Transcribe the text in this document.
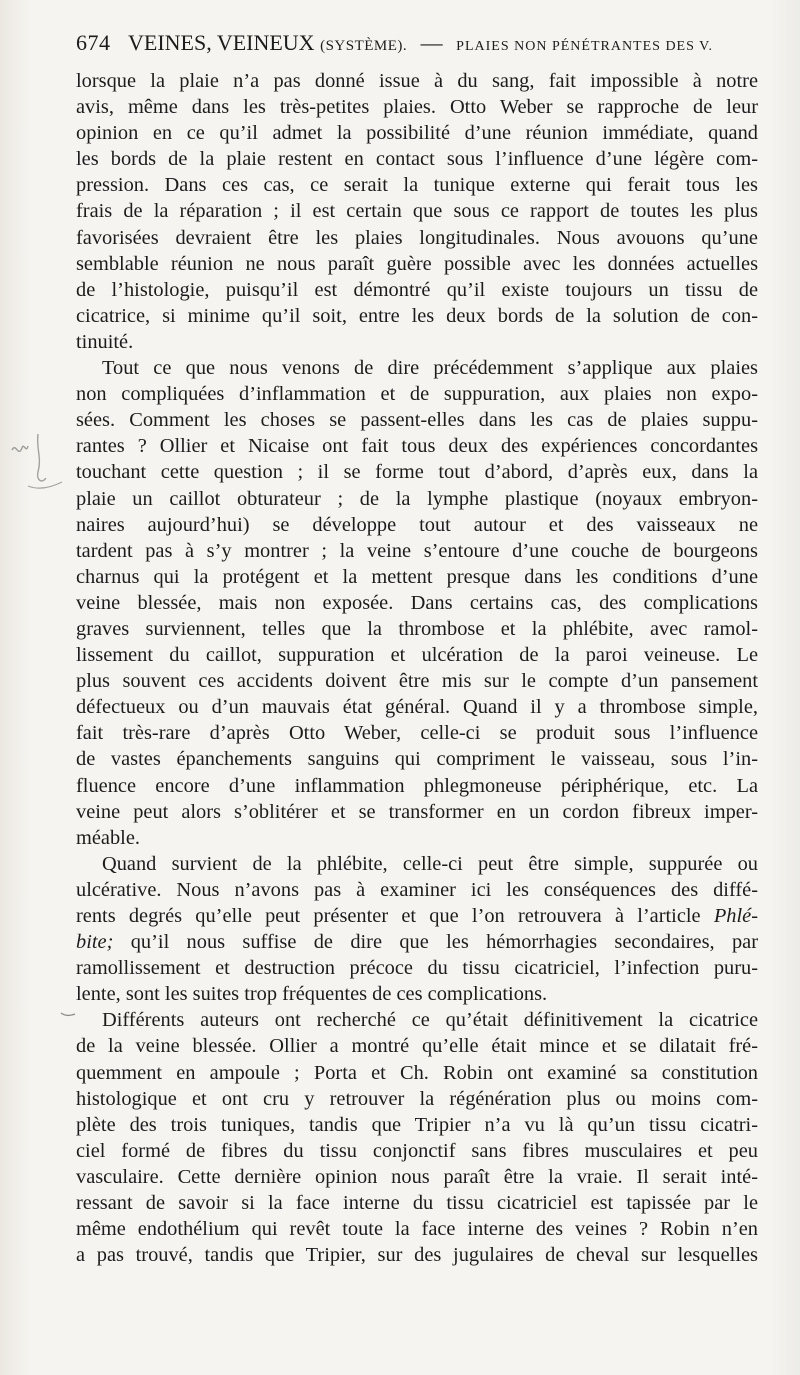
674 VEINES, VEINEUX (SYSTÈME). — PLAIES NON PÉNÉTRANTES DES V.
lorsque la plaie n’a pas donné issue à du sang, fait impossible à notre
avis, même dans les très-petites plaies. Otto Weber se rapproche de leur
opinion en ce qu’il admet la possibilité d’une réunion immédiate, quand
les bords de la plaie restent en contact sous l’influence d’une légère com-
pression. Dans ces cas, ce serait la tunique externe qui ferait tous les
frais de la réparation ; il est certain que sous ce rapport de toutes les plus
favorisées devraient être les plaies longitudinales. Nous avouons qu’une
semblable réunion ne nous paraît guère possible avec les données actuelles
de l’histologie, puisqu’il est démontré qu’il existe toujours un tissu de
cicatrice, si minime qu’il soit, entre les deux bords de la solution de con-
tinuité.
Tout ce que nous venons de dire précédemment s’applique aux plaies
non compliquées d’inflammation et de suppuration, aux plaies non expo-
sées. Comment les choses se passent-elles dans les cas de plaies suppu-
rantes ? Ollier et Nicaise ont fait tous deux des expériences concordantes
touchant cette question ; il se forme tout d’abord, d’après eux, dans la
plaie un caillot obturateur ; de la lymphe plastique (noyaux embryon-
naires aujourd’hui) se développe tout autour et des vaisseaux ne
tardent pas à s’y montrer ; la veine s’entoure d’une couche de bourgeons
charnus qui la protégent et la mettent presque dans les conditions d’une
veine blessée, mais non exposée. Dans certains cas, des complications
graves surviennent, telles que la thrombose et la phlébite, avec ramol-
lissement du caillot, suppuration et ulcération de la paroi veineuse. Le
plus souvent ces accidents doivent être mis sur le compte d’un pansement
défectueux ou d’un mauvais état général. Quand il y a thrombose simple,
fait très-rare d’après Otto Weber, celle-ci se produit sous l’influence
de vastes épanchements sanguins qui compriment le vaisseau, sous l’in-
fluence encore d’une inflammation phlegmoneuse périphérique, etc. La
veine peut alors s’oblitérer et se transformer en un cordon fibreux imper-
méable.
Quand survient de la phlébite, celle-ci peut être simple, suppurée ou
ulcérative. Nous n’avons pas à examiner ici les conséquences des diffé-
rents degrés qu’elle peut présenter et que l’on retrouvera à l’article Phlé-
bite; qu’il nous suffise de dire que les hémorrhagies secondaires, par
ramollissement et destruction précoce du tissu cicatriciel, l’infection puru-
lente, sont les suites trop fréquentes de ces complications.
Différents auteurs ont recherché ce qu’était définitivement la cicatrice
de la veine blessée. Ollier a montré qu’elle était mince et se dilatait fré-
quemment en ampoule ; Porta et Ch. Robin ont examiné sa constitution
histologique et ont cru y retrouver la régénération plus ou moins com-
plète des trois tuniques, tandis que Tripier n’a vu là qu’un tissu cicatri-
ciel formé de fibres du tissu conjonctif sans fibres musculaires et peu
vasculaire. Cette dernière opinion nous paraît être la vraie. Il serait inté-
ressant de savoir si la face interne du tissu cicatriciel est tapissée par le
même endothélium qui revêt toute la face interne des veines ? Robin n’en
a pas trouvé, tandis que Tripier, sur des jugulaires de cheval sur lesquelles
